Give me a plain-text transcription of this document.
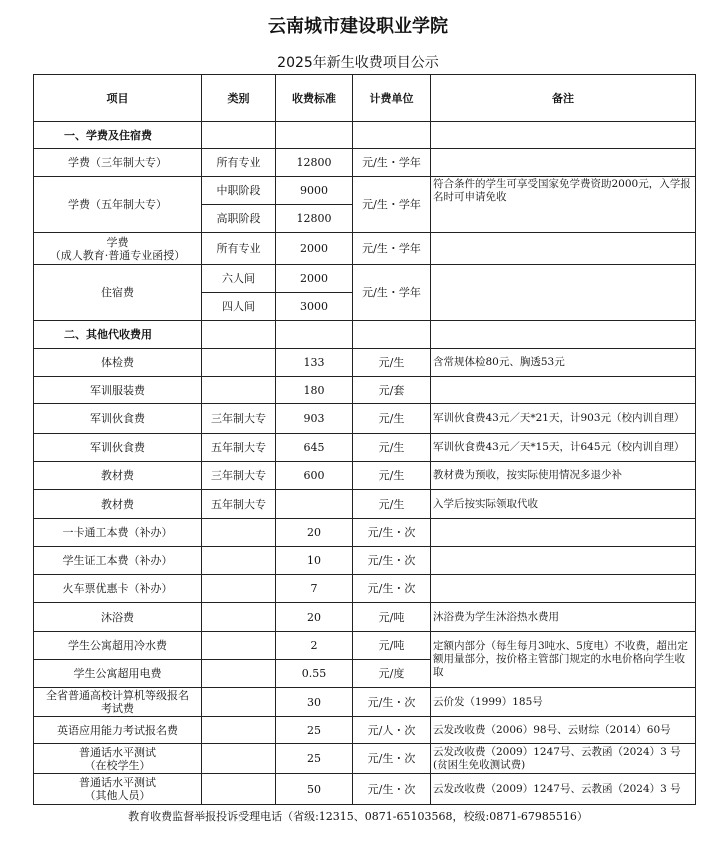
云南城市建设职业学院
2025年新生收费项目公示
项目	类别	收费标准	计费单位	备注
一、学费及住宿费				
学费（三年制大专）	所有专业	12800	元/生・学年	
学费（五年制大专）	中职阶段	9000	元/生・学年	符合条件的学生可享受国家免学费资助2000元，入学报名时可申请免收
	高职阶段	12800		
学费
（成人教育·普通专业函授）	所有专业	2000	元/生・学年	
住宿费	六人间	2000	元/生・学年	
	四人间	3000		
二、其他代收费用				
体检费		133	元/生	含常规体检80元、胸透53元
军训服装费		180	元/套	
军训伙食费	三年制大专	903	元/生	军训伙食费43元／天*21天，计903元（校内训自理）
军训伙食费	五年制大专	645	元/生	军训伙食费43元／天*15天，计645元（校内训自理）
教材费	三年制大专	600	元/生	教材费为预收，按实际使用情况多退少补
教材费	五年制大专		元/生	入学后按实际领取代收
一卡通工本费（补办）		20	元/生・次	
学生证工本费（补办）		10	元/生・次	
火车票优惠卡（补办）		7	元/生・次	
沐浴费		20	元/吨	沐浴费为学生沐浴热水费用
学生公寓超用冷水费		2	元/吨	定额内部分（每生每月3吨水、5度电）不收费，超出定额用量部分，按价格主管部门规定的水电价格向学生收取
学生公寓超用电费		0.55	元/度	
全省普通高校计算机等级报名
考试费		30	元/生・次	云价发（1999）185号
英语应用能力考试报名费		25	元/人・次	云发改收费（2006）98号、云财综（2014）60号
普通话水平测试
（在校学生）		25	元/生・次	云发改收费（2009）1247号、云教函（2024）3 号(贫困生免收测试费)
普通话水平测试
（其他人员）		50	元/生・次	云发改收费（2009）1247号、云教函（2024）3 号
教育收费监督举报投诉受理电话（省级:12315、0871-65103568，校级:0871-67985516）
